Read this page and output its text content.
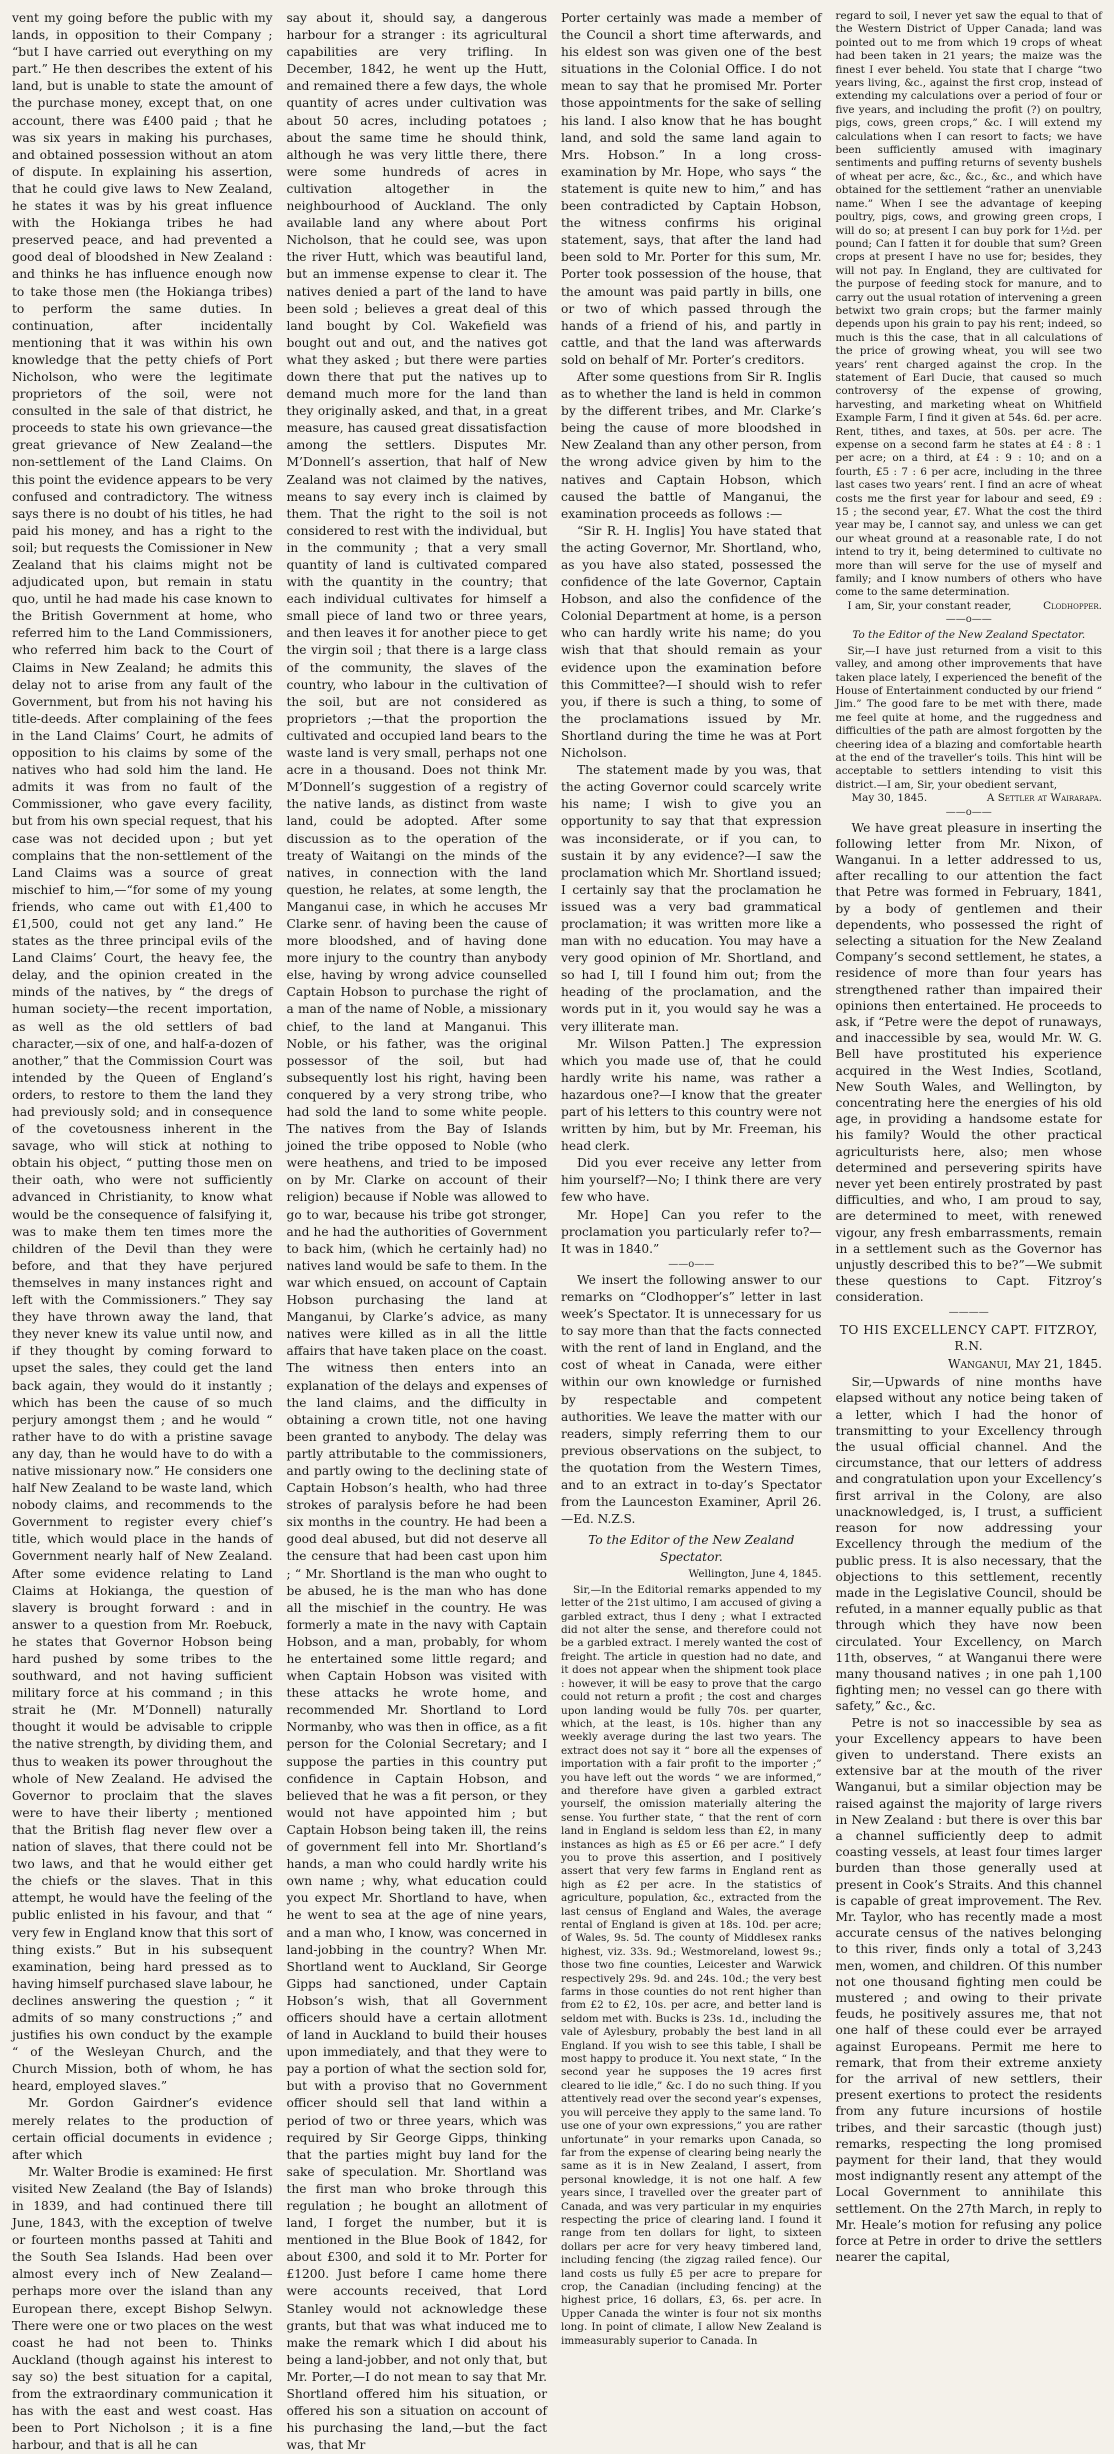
vent my going before the public with my lands, in opposition to their Company ; “but I have carried out everything on my part.” He then describes the extent of his land, but is unable to state the amount of the purchase money, except that, on one account, there was £400 paid ; that he was six years in making his purchases, and obtained possession without an atom of dispute. In explaining his assertion, that he could give laws to New Zealand, he states it was by his great influence with the Hokianga tribes he had preserved peace, and had prevented a good deal of bloodshed in New Zealand : and thinks he has influence enough now to take those men (the Hokianga tribes) to perform the same duties. In continuation, after incidentally mentioning that it was within his own knowledge that the petty chiefs of Port Nicholson, who were the legitimate proprietors of the soil, were not consulted in the sale of that district, he proceeds to state his own grievance—the great grievance of New Zealand—the non-settlement of the Land Claims. On this point the evidence appears to be very confused and contradictory. The witness says there is no doubt of his titles, he had paid his money, and has a right to the soil; but requests the Comissioner in New Zealand that his claims might not be adjudicated upon, but remain in statu quo, until he had made his case known to the British Government at home, who referred him to the Land Commissioners, who referred him back to the Court of Claims in New Zealand; he admits this delay not to arise from any fault of the Government, but from his not having his title-deeds. After complaining of the fees in the Land Claims’ Court, he admits of opposition to his claims by some of the natives who had sold him the land. He admits it was from no fault of the Commissioner, who gave every facility, but from his own special request, that his case was not decided upon ; but yet complains that the non-settlement of the Land Claims was a source of great mischief to him,—“for some of my young friends, who came out with £1,400 to £1,500, could not get any land.” He states as the three principal evils of the Land Claims’ Court, the heavy fee, the delay, and the opinion created in the minds of the natives, by “ the dregs of human society—the recent importation, as well as the old settlers of bad character,—six of one, and half-a-dozen of another,” that the Commission Court was intended by the Queen of England’s orders, to restore to them the land they had previously sold; and in consequence of the covetousness inherent in the savage, who will stick at nothing to obtain his object, “ putting those men on their oath, who were not sufficiently advanced in Christianity, to know what would be the consequence of falsifying it, was to make them ten times more the children of the Devil than they were before, and that they have perjured themselves in many instances right and left with the Commissioners.” They say they have thrown away the land, that they never knew its value until now, and if they thought by coming forward to upset the sales, they could get the land back again, they would do it instantly ; which has been the cause of so much perjury amongst them ; and he would “ rather have to do with a pristine savage any day, than he would have to do with a native missionary now.” He considers one half New Zealand to be waste land, which nobody claims, and recommends to the Government to register every chief’s title, which would place in the hands of Government nearly half of New Zealand. After some evidence relating to Land Claims at Hokianga, the question of slavery is brought forward : and in answer to a question from Mr. Roebuck, he states that Governor Hobson being hard pushed by some tribes to the southward, and not having sufficient military force at his command ; in this strait he (Mr. M’Donnell) naturally thought it would be advisable to cripple the native strength, by dividing them, and thus to weaken its power throughout the whole of New Zealand. He advised the Governor to proclaim that the slaves were to have their liberty ; mentioned that the British flag never flew over a nation of slaves, that there could not be two laws, and that he would either get the chiefs or the slaves. That in this attempt, he would have the feeling of the public enlisted in his favour, and that “ very few in England know that this sort of thing exists.” But in his subsequent examination, being hard pressed as to having himself purchased slave labour, he declines answering the question ; “ it admits of so many constructions ;” and justifies his own conduct by the example “ of the Wesleyan Church, and the Church Mission, both of whom, he has heard, employed slaves.”

Mr. Gordon Gairdner’s evidence merely relates to the production of certain official documents in evidence ; after which

Mr. Walter Brodie is examined: He first visited New Zealand (the Bay of Islands) in 1839, and had continued there till June, 1843, with the exception of twelve or fourteen months passed at Tahiti and the South Sea Islands. Had been over almost every inch of New Zealand—perhaps more over the island than any European there, except Bishop Selwyn. There were one or two places on the west coast he had not been to. Thinks Auckland (though against his interest to say so) the best situation for a capital, from the extraordinary communication it has with the east and west coast. Has been to Port Nicholson ; it is a fine harbour, and that is all he can

say about it, should say, a dangerous harbour for a stranger : its agricultural capabilities are very trifling. In December, 1842, he went up the Hutt, and remained there a few days, the whole quantity of acres under cultivation was about 50 acres, including potatoes ; about the same time he should think, although he was very little there, there were some hundreds of acres in cultivation altogether in the neighbourhood of Auckland. The only available land any where about Port Nicholson, that he could see, was upon the river Hutt, which was beautiful land, but an immense expense to clear it. The natives denied a part of the land to have been sold ; believes a great deal of this land bought by Col. Wakefield was bought out and out, and the natives got what they asked ; but there were parties down there that put the natives up to demand much more for the land than they originally asked, and that, in a great measure, has caused great dissatisfaction among the settlers. Disputes Mr. M’Donnell’s assertion, that half of New Zealand was not claimed by the natives, means to say every inch is claimed by them. That the right to the soil is not considered to rest with the individual, but in the community ; that a very small quantity of land is cultivated compared with the quantity in the country; that each individual cultivates for himself a small piece of land two or three years, and then leaves it for another piece to get the virgin soil ; that there is a large class of the community, the slaves of the country, who labour in the cultivation of the soil, but are not considered as proprietors ;—that the proportion the cultivated and occupied land bears to the waste land is very small, perhaps not one acre in a thousand. Does not think Mr. M’Donnell’s suggestion of a registry of the native lands, as distinct from waste land, could be adopted. After some discussion as to the operation of the treaty of Waitangi on the minds of the natives, in connection with the land question, he relates, at some length, the Manganui case, in which he accuses Mr Clarke senr. of having been the cause of more bloodshed, and of having done more injury to the country than anybody else, having by wrong advice counselled Captain Hobson to purchase the right of a man of the name of Noble, a missionary chief, to the land at Manganui. This Noble, or his father, was the original possessor of the soil, but had subsequently lost his right, having been conquered by a very strong tribe, who had sold the land to some white people. The natives from the Bay of Islands joined the tribe opposed to Noble (who were heathens, and tried to be imposed on by Mr. Clarke on account of their religion) because if Noble was allowed to go to war, because his tribe got stronger, and he had the authorities of Government to back him, (which he certainly had) no natives land would be safe to them. In the war which ensued, on account of Captain Hobson purchasing the land at Manganui, by Clarke’s advice, as many natives were killed as in all the little affairs that have taken place on the coast. The witness then enters into an explanation of the delays and expenses of the land claims, and the difficulty in obtaining a crown title, not one having been granted to anybody. The delay was partly attributable to the commissioners, and partly owing to the declining state of Captain Hobson’s health, who had three strokes of paralysis before he had been six months in the country. He had been a good deal abused, but did not deserve all the censure that had been cast upon him ; “ Mr. Shortland is the man who ought to be abused, he is the man who has done all the mischief in the country. He was formerly a mate in the navy with Captain Hobson, and a man, probably, for whom he entertained some little regard; and when Captain Hobson was visited with these attacks he wrote home, and recommended Mr. Shortland to Lord Normanby, who was then in office, as a fit person for the Colonial Secretary; and I suppose the parties in this country put confidence in Captain Hobson, and believed that he was a fit person, or they would not have appointed him ; but Captain Hobson being taken ill, the reins of government fell into Mr. Shortland’s hands, a man who could hardly write his own name ; why, what education could you expect Mr. Shortland to have, when he went to sea at the age of nine years, and a man who, I know, was concerned in land-jobbing in the country? When Mr. Shortland went to Auckland, Sir George Gipps had sanctioned, under Captain Hobson’s wish, that all Government officers should have a certain allotment of land in Auckland to build their houses upon immediately, and that they were to pay a portion of what the section sold for, but with a proviso that no Government officer should sell that land within a period of two or three years, which was required by Sir George Gipps, thinking that the parties might buy land for the sake of speculation. Mr. Shortland was the first man who broke through this regulation ; he bought an allotment of land, I forget the number, but it is mentioned in the Blue Book of 1842, for about £300, and sold it to Mr. Porter for £1200. Just before I came home there were accounts received, that Lord Stanley would not acknowledge these grants, but that was what induced me to make the remark which I did about his being a land-jobber, and not only that, but Mr. Porter,—I do not mean to say that Mr. Shortland offered him his situation, or offered his son a situation on account of his purchasing the land,—but the fact was, that Mr

Porter certainly was made a member of the Council a short time afterwards, and his eldest son was given one of the best situations in the Colonial Office. I do not mean to say that he promised Mr. Porter those appointments for the sake of selling his land. I also know that he has bought land, and sold the same land again to Mrs. Hobson.” In a long cross-examination by Mr. Hope, who says “ the statement is quite new to him,” and has been contradicted by Captain Hobson, the witness confirms his original statement, says, that after the land had been sold to Mr. Porter for this sum, Mr. Porter took possession of the house, that the amount was paid partly in bills, one or two of which passed through the hands of a friend of his, and partly in cattle, and that the land was afterwards sold on behalf of Mr. Porter’s creditors.

After some questions from Sir R. Inglis as to whether the land is held in common by the different tribes, and Mr. Clarke’s being the cause of more bloodshed in New Zealand than any other person, from the wrong advice given by him to the natives and Captain Hobson, which caused the battle of Manganui, the examination proceeds as follows :—

“Sir R. H. Inglis] You have stated that the acting Governor, Mr. Shortland, who, as you have also stated, possessed the confidence of the late Governor, Captain Hobson, and also the confidence of the Colonial Department at home, is a person who can hardly write his name; do you wish that that should remain as your evidence upon the examination before this Committee?—I should wish to refer you, if there is such a thing, to some of the proclamations issued by Mr. Shortland during the time he was at Port Nicholson.

The statement made by you was, that the acting Governor could scarcely write his name; I wish to give you an opportunity to say that that expression was inconsiderate, or if you can, to sustain it by any evidence?—I saw the proclamation which Mr. Shortland issued; I certainly say that the proclamation he issued was a very bad grammatical proclamation; it was written more like a man with no education. You may have a very good opinion of Mr. Shortland, and so had I, till I found him out; from the heading of the proclamation, and the words put in it, you would say he was a very illiterate man.

Mr. Wilson Patten.] The expression which you made use of, that he could hardly write his name, was rather a hazardous one?—I know that the greater part of his letters to this country were not written by him, but by Mr. Freeman, his head clerk.

Did you ever receive any letter from him yourself?—No; I think there are very few who have.

Mr. Hope] Can you refer to the proclamation you particularly refer to?—It was in 1840.”

——o——

We insert the following answer to our remarks on “Clodhopper’s” letter in last week’s Spectator. It is unnecessary for us to say more than that the facts connected with the rent of land in England, and the cost of wheat in Canada, were either within our own knowledge or furnished by respectable and competent authorities. We leave the matter with our readers, simply referring them to our previous observations on the subject, to the quotation from the Western Times, and to an extract in to-day’s Spectator from the Launceston Examiner, April 26.—Ed. N.Z.S.

To the Editor of the New Zealand Spectator.
Wellington, June 4, 1845.

Sir,—In the Editorial remarks appended to my letter of the 21st ultimo, I am accused of giving a garbled extract, thus I deny ; what I extracted did not alter the sense, and therefore could not be a garbled extract. I merely wanted the cost of freight. The article in question had no date, and it does not appear when the shipment took place : however, it will be easy to prove that the cargo could not return a profit ; the cost and charges upon landing would be fully 70s. per quarter, which, at the least, is 10s. higher than any weekly average during the last two years. The extract does not say it “ bore all the expenses of importation with a fair profit to the importer ;” you have left out the words “ we are informed,” and therefore have given a garbled extract yourself, the omission materially altering the sense. You further state, “ that the rent of corn land in England is seldom less than £2, in many instances as high as £5 or £6 per acre.” I defy you to prove this assertion, and I positively assert that very few farms in England rent as high as £2 per acre. In the statistics of agriculture, population, &c., extracted from the last census of England and Wales, the average rental of England is given at 18s. 10d. per acre; of Wales, 9s. 5d. The county of Middlesex ranks highest, viz. 33s. 9d.; Westmoreland, lowest 9s.; those two fine counties, Leicester and Warwick respectively 29s. 9d. and 24s. 10d.; the very best farms in those counties do not rent higher than from £2 to £2, 10s. per acre, and better land is seldom met with. Bucks is 23s. 1d., including the vale of Aylesbury, probably the best land in all England. If you wish to see this table, I shall be most happy to produce it. You next state, “ In the second year he supposes the 19 acres first cleared to lie idle,” &c. I do no such thing. If you attentively read over the second year’s expenses, you will perceive they apply to the same land. To use one of your own expressions,” you are rather unfortunate” in your remarks upon Canada, so far from the expense of clearing being nearly the same as it is in New Zealand, I assert, from personal knowledge, it is not one half. A few years since, I travelled over the greater part of Canada, and was very particular in my enquiries respecting the price of clearing land. I found it range from ten dollars for light, to sixteen dollars per acre for very heavy timbered land, including fencing (the zigzag railed fence). Our land costs us fully £5 per acre to prepare for crop, the Canadian (including fencing) at the highest price, 16 dollars, £3, 6s. per acre. In Upper Canada the winter is four not six months long. In point of climate, I allow New Zealand is immeasurably superior to Canada. In

regard to soil, I never yet saw the equal to that of the Western District of Upper Canada; land was pointed out to me from which 19 crops of wheat had been taken in 21 years; the maize was the finest I ever beheld. You state that I charge “two years living, &c., against the first crop, instead of extending my calculations over a period of four or five years, and including the profit (?) on poultry, pigs, cows, green crops,” &c. I will extend my calculations when I can resort to facts; we have been sufficiently amused with imaginary sentiments and puffing returns of seventy bushels of wheat per acre, &c., &c., &c., and which have obtained for the settlement “rather an unenviable name.” When I see the advantage of keeping poultry, pigs, cows, and growing green crops, I will do so; at present I can buy pork for 1½d. per pound; Can I fatten it for double that sum? Green crops at present I have no use for; besides, they will not pay. In England, they are cultivated for the purpose of feeding stock for manure, and to carry out the usual rotation of intervening a green betwixt two grain crops; but the farmer mainly depends upon his grain to pay his rent; indeed, so much is this the case, that in all calculations of the price of growing wheat, you will see two years’ rent charged against the crop. In the statement of Earl Ducie, that caused so much controversy of the expense of growing, harvesting, and marketing wheat on Whitfield Example Farm, I find it given at 54s. 6d. per acre. Rent, tithes, and taxes, at 50s. per acre. The expense on a second farm he states at £4 : 8 : 1 per acre; on a third, at £4 : 9 : 10; and on a fourth, £5 : 7 : 6 per acre, including in the three last cases two years’ rent. I find an acre of wheat costs me the first year for labour and seed, £9 : 15 ; the second year, £7. What the cost the third year may be, I cannot say, and unless we can get our wheat ground at a reasonable rate, I do not intend to try it, being determined to cultivate no more than will serve for the use of myself and family; and I know numbers of others who have come to the same determination.

I am, Sir, your constant reader,	Clodhopper.

——o——
To the Editor of the New Zealand Spectator.

Sir,—I have just returned from a visit to this valley, and among other improvements that have taken place lately, I experienced the benefit of the House of Entertainment conducted by our friend “ Jim.” The good fare to be met with there, made me feel quite at home, and the ruggedness and difficulties of the path are almost forgotten by the cheering idea of a blazing and comfortable hearth at the end of the traveller’s toils. This hint will be acceptable to settlers intending to visit this district.—I am, Sir, your obedient servant,

May 30, 1845.	A Settler at Wairarapa.

——o——

We have great pleasure in inserting the following letter from Mr. Nixon, of Wanganui. In a letter addressed to us, after recalling to our attention the fact that Petre was formed in February, 1841, by a body of gentlemen and their dependents, who possessed the right of selecting a situation for the New Zealand Company’s second settlement, he states, a residence of more than four years has strengthened rather than impaired their opinions then entertained. He proceeds to ask, if “Petre were the depot of runaways, and inaccessible by sea, would Mr. W. G. Bell have prostituted his experience acquired in the West Indies, Scotland, New South Wales, and Wellington, by concentrating here the energies of his old age, in providing a handsome estate for his family? Would the other practical agriculturists here, also; men whose determined and persevering spirits have never yet been entirely prostrated by past difficulties, and who, I am proud to say, are determined to meet, with renewed vigour, any fresh embarrassments, remain in a settlement such as the Governor has unjustly described this to be?”—We submit these questions to Capt. Fitzroy’s consideration.

————
TO HIS EXCELLENCY CAPT. FITZROY, R.N.
Wanganui, May 21, 1845.

Sir,—Upwards of nine months have elapsed without any notice being taken of a letter, which I had the honor of transmitting to your Excellency through the usual official channel. And the circumstance, that our letters of address and congratulation upon your Excellency’s first arrival in the Colony, are also unacknowledged, is, I trust, a sufficient reason for now addressing your Excellency through the medium of the public press. It is also necessary, that the objections to this settlement, recently made in the Legislative Council, should be refuted, in a manner equally public as that through which they have now been circulated. Your Excellency, on March 11th, observes, “ at Wanganui there were many thousand natives ; in one pah 1,100 fighting men; no vessel can go there with safety,” &c., &c.

Petre is not so inaccessible by sea as your Excellency appears to have been given to understand. There exists an extensive bar at the mouth of the river Wanganui, but a similar objection may be raised against the majority of large rivers in New Zealand : but there is over this bar a channel sufficiently deep to admit coasting vessels, at least four times larger burden than those generally used at present in Cook’s Straits. And this channel is capable of great improvement. The Rev. Mr. Taylor, who has recently made a most accurate census of the natives belonging to this river, finds only a total of 3,243 men, women, and children. Of this number not one thousand fighting men could be mustered ; and owing to their private feuds, he positively assures me, that not one half of these could ever be arrayed against Europeans. Permit me here to remark, that from their extreme anxiety for the arrival of new settlers, their present exertions to protect the residents from any future incursions of hostile tribes, and their sarcastic (though just) remarks, respecting the long promised payment for their land, that they would most indignantly resent any attempt of the Local Government to annihilate this settlement. On the 27th March, in reply to Mr. Heale’s motion for refusing any police force at Petre in order to drive the settlers nearer the capital,
